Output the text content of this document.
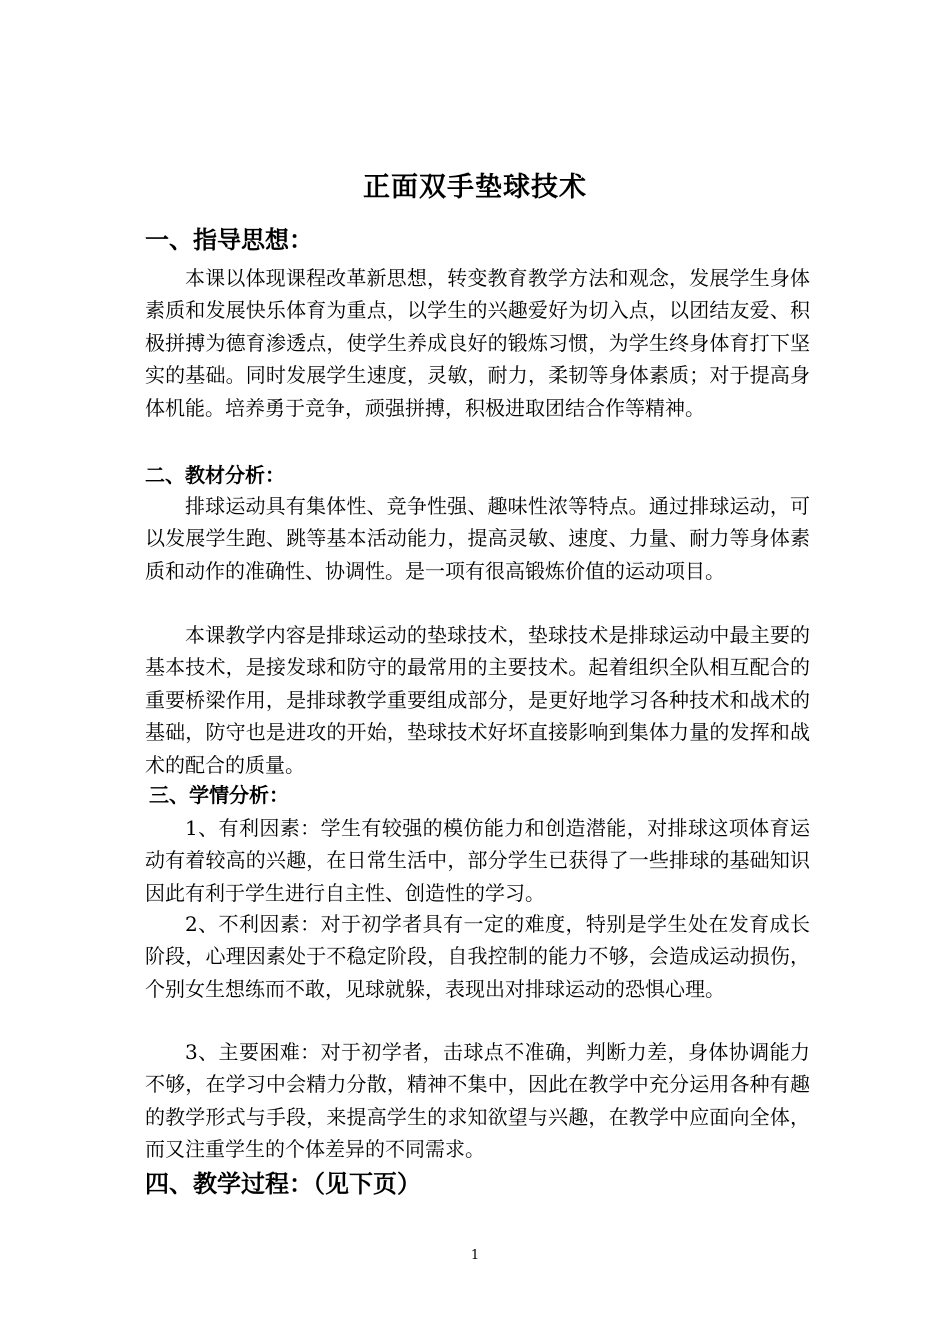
正面双手垫球技术
一、指导思想：

本课以体现课程改革新思想，转变教育教学方法和观念，发展学生身体素质和发展快乐体育为重点，以学生的兴趣爱好为切入点，以团结友爱、积极拼搏为德育渗透点，使学生养成良好的锻炼习惯，为学生终身体育打下坚实的基础。同时发展学生速度，灵敏，耐力，柔韧等身体素质；对于提高身体机能。培养勇于竞争，顽强拼搏，积极进取团结合作等精神。

二、教材分析：

排球运动具有集体性、竞争性强、趣味性浓等特点。通过排球运动，可以发展学生跑、跳等基本活动能力，提高灵敏、速度、力量、耐力等身体素质和动作的准确性、协调性。是一项有很高锻炼价值的运动项目。

本课教学内容是排球运动的垫球技术，垫球技术是排球运动中最主要的基本技术，是接发球和防守的最常用的主要技术。起着组织全队相互配合的重要桥梁作用，是排球教学重要组成部分，是更好地学习各种技术和战术的基础，防守也是进攻的开始，垫球技术好坏直接影响到集体力量的发挥和战术的配合的质量。

三、学情分析：

1、有利因素：学生有较强的模仿能力和创造潜能，对排球这项体育运动有着较高的兴趣，在日常生活中，部分学生已获得了一些排球的基础知识因此有利于学生进行自主性、创造性的学习。

2、不利因素：对于初学者具有一定的难度，特别是学生处在发育成长阶段，心理因素处于不稳定阶段，自我控制的能力不够，会造成运动损伤，个别女生想练而不敢，见球就躲，表现出对排球运动的恐惧心理。

3、主要困难：对于初学者，击球点不准确，判断力差，身体协调能力不够，在学习中会精力分散，精神不集中，因此在教学中充分运用各种有趣的教学形式与手段，来提高学生的求知欲望与兴趣，在教学中应面向全体，而又注重学生的个体差异的不同需求。

四、教学过程：（见下页）
1
